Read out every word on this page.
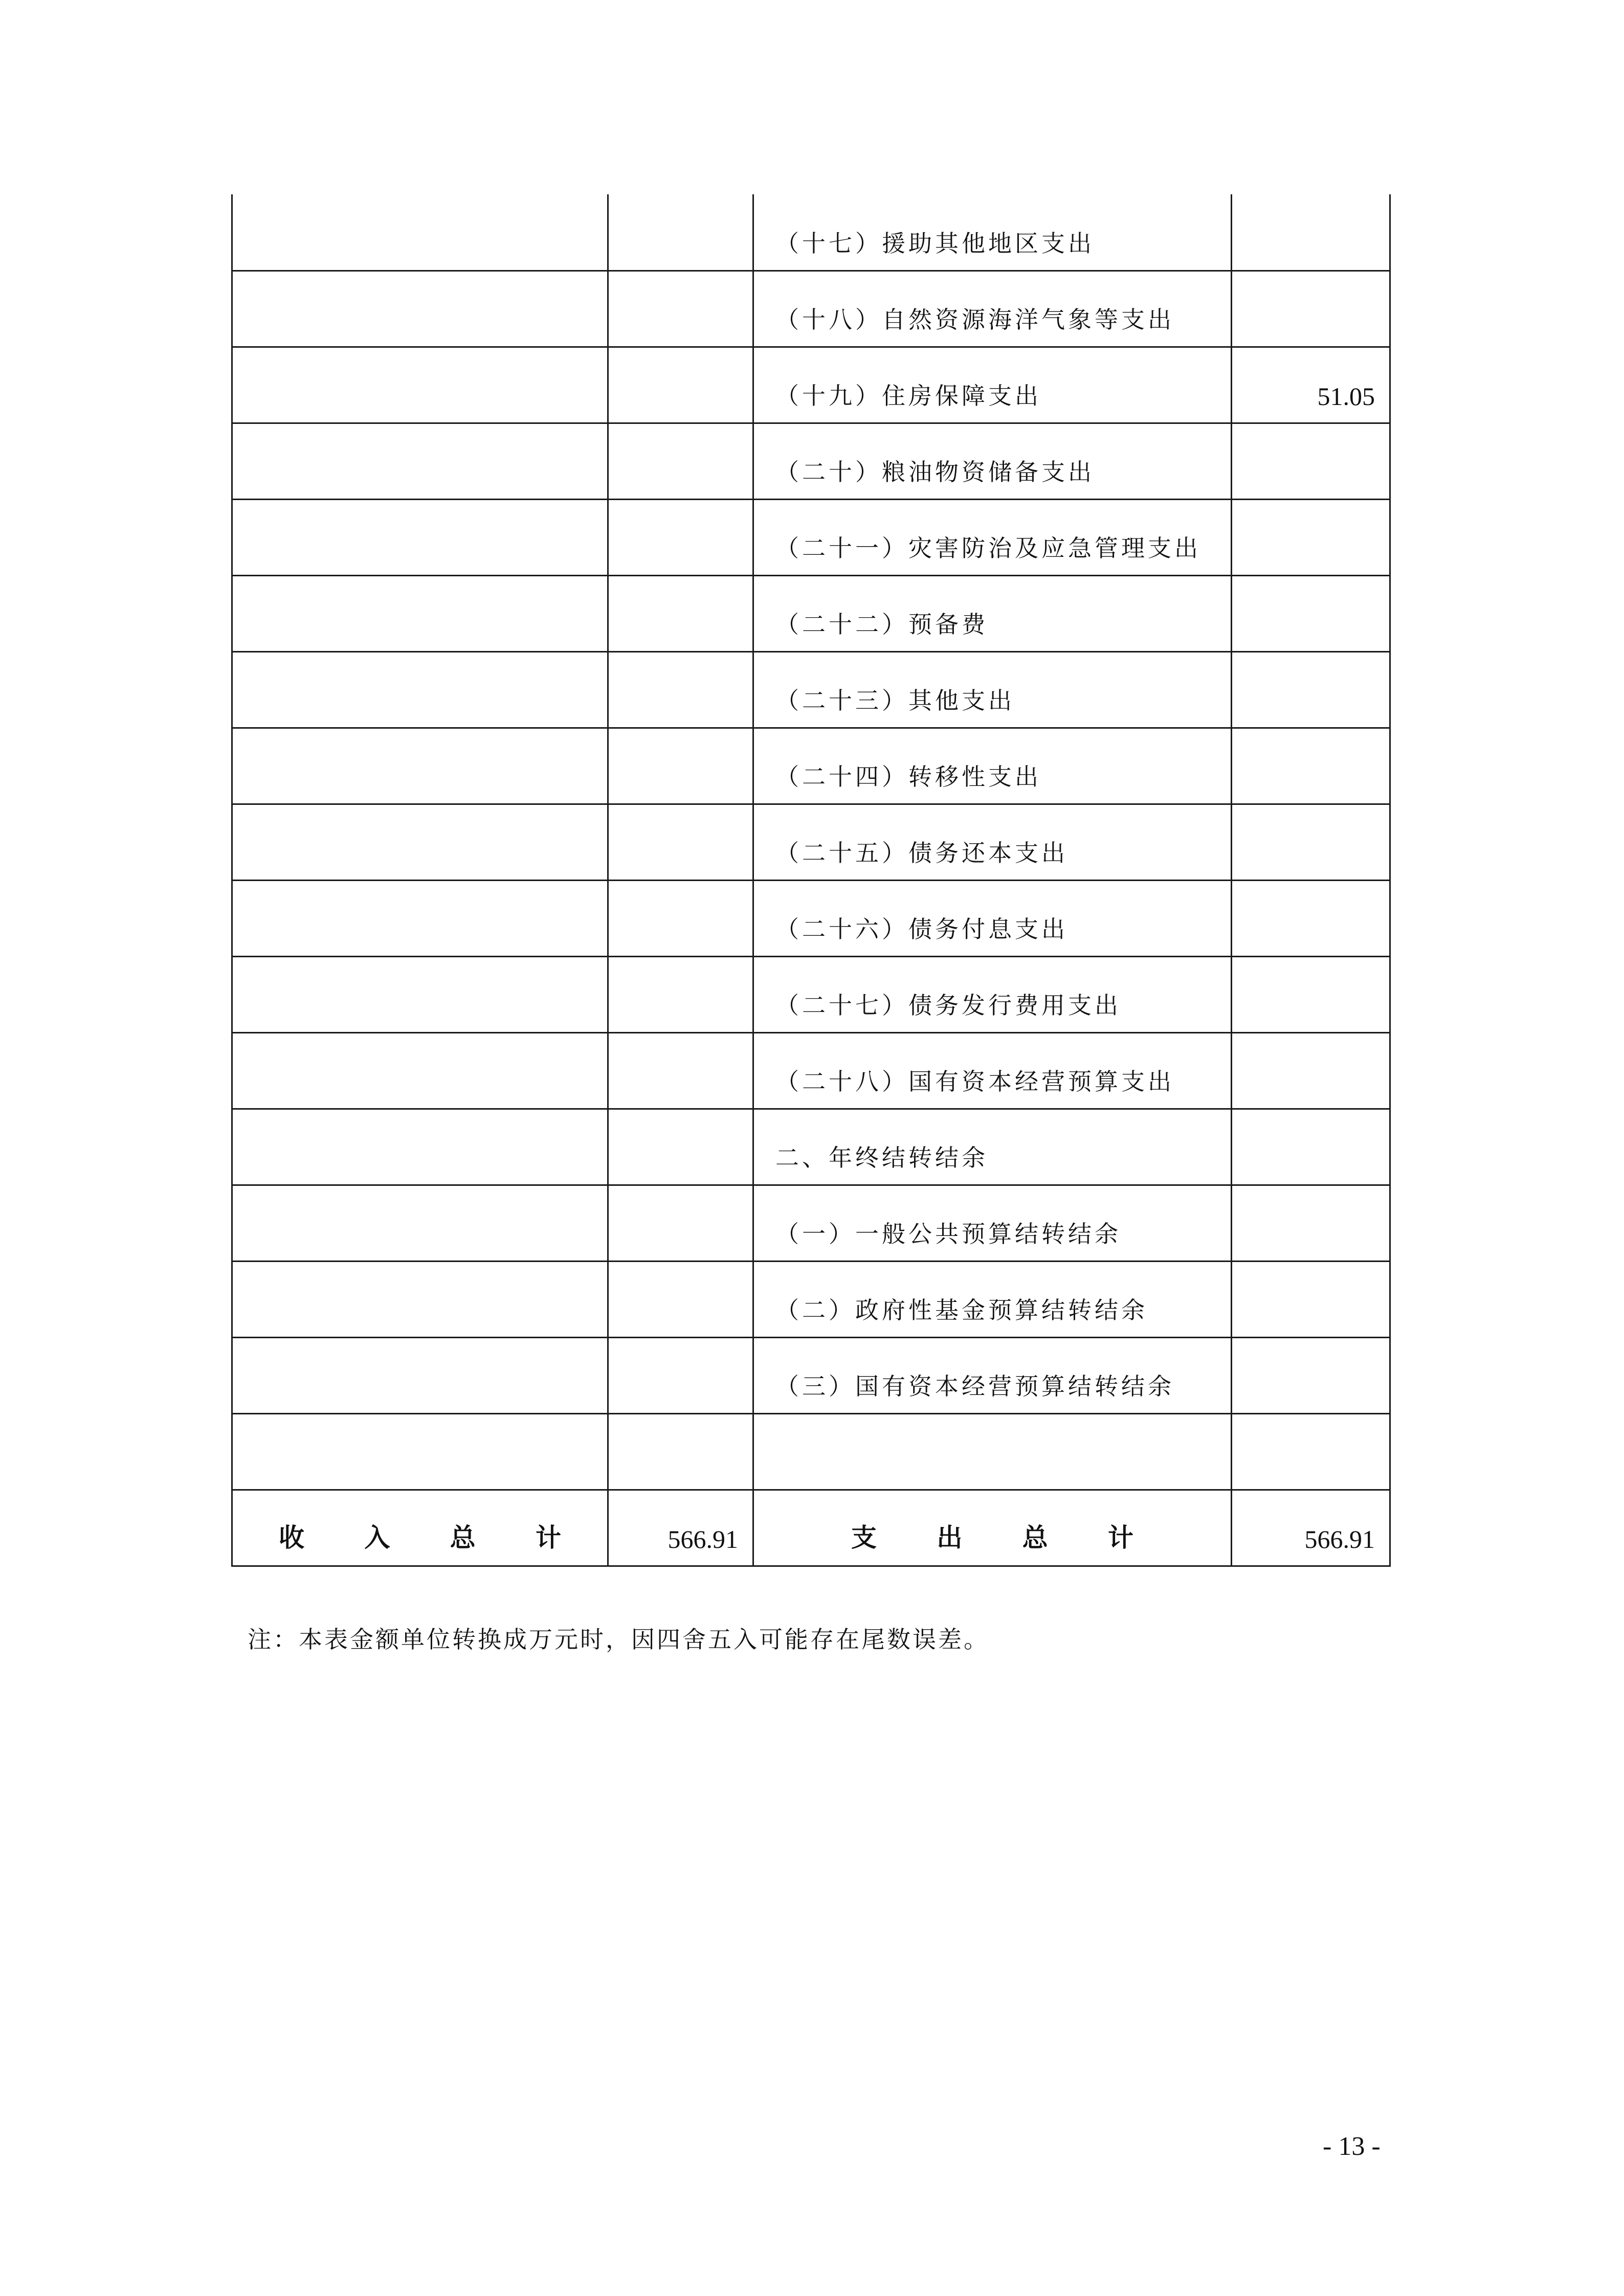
		（十七）援助其他地区支出	
		（十八）自然资源海洋气象等支出	
		（十九）住房保障支出	51.05
		（二十）粮油物资储备支出	
		（二十一）灾害防治及应急管理支出	
		（二十二）预备费	
		（二十三）其他支出	
		（二十四）转移性支出	
		（二十五）债务还本支出	
		（二十六）债务付息支出	
		（二十七）债务发行费用支出	
		（二十八）国有资本经营预算支出	
		二、年终结转结余	
		（一）一般公共预算结转结余	
		（二）政府性基金预算结转结余	
		（三）国有资本经营预算结转结余	

收 入 总 计	566.91	支 出 总 计	566.91
注：本表金额单位转换成万元时，因四舍五入可能存在尾数误差。
- 13 -
